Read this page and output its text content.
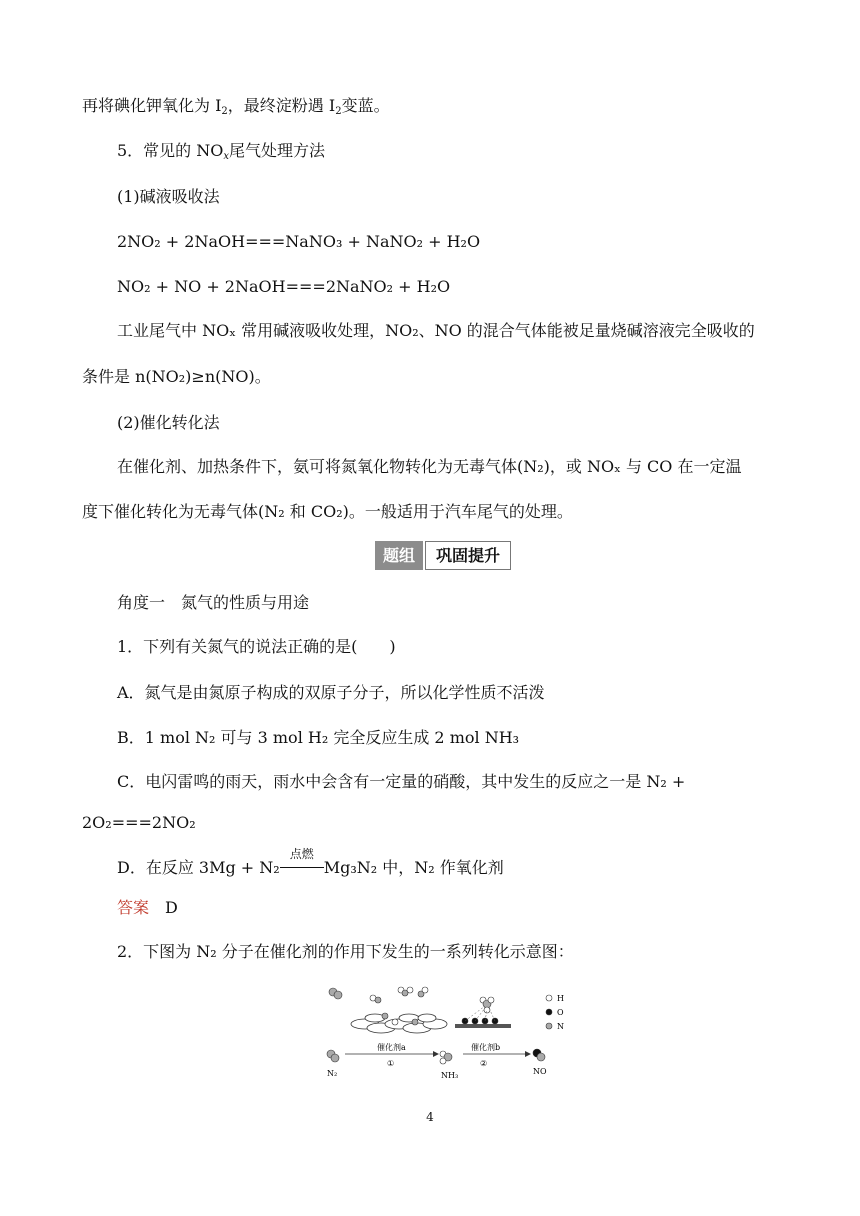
再将碘化钾氧化为 $I_2$，最终淀粉遇 $I_2$变蓝。
5．常见的 $NO_x$尾气处理方法
(1)碱液吸收法
2NO₂ + 2NaOH===NaNO₃ + NaNO₂ + H₂O
NO₂ + NO + 2NaOH===2NaNO₂ + H₂O
工业尾气中 NOₓ 常用碱液吸收处理，NO₂、NO 的混合气体能被足量烧碱溶液完全吸收的
条件是 n(NO₂)≥n(NO)。
(2)催化转化法
在催化剂、加热条件下，氨可将氮氧化物转化为无毒气体(N₂)，或 NOₓ 与 CO 在一定温
度下催化转化为无毒气体(N₂ 和 CO₂)。一般适用于汽车尾气的处理。
题组	巩固提升
角度一　氮气的性质与用途
1．下列有关氮气的说法正确的是(　　)
A．氮气是由氮原子构成的双原子分子，所以化学性质不活泼
B．1 mol N₂ 可与 3 mol H₂ 完全反应生成 2 mol NH₃
C．电闪雷鸣的雨天，雨水中会含有一定量的硝酸，其中发生的反应之一是 N₂ +
2O₂===2NO₂
D．在反应 3Mg + N₂
点燃
Mg₃N₂ 中，N₂ 作氧化剂
答案　 D
2．下图为 N₂ 分子在催化剂的作用下发生的一系列转化示意图：
催化剂a
①
催化剂b
②
N₂	NH₃	NO
H
O
N
4
